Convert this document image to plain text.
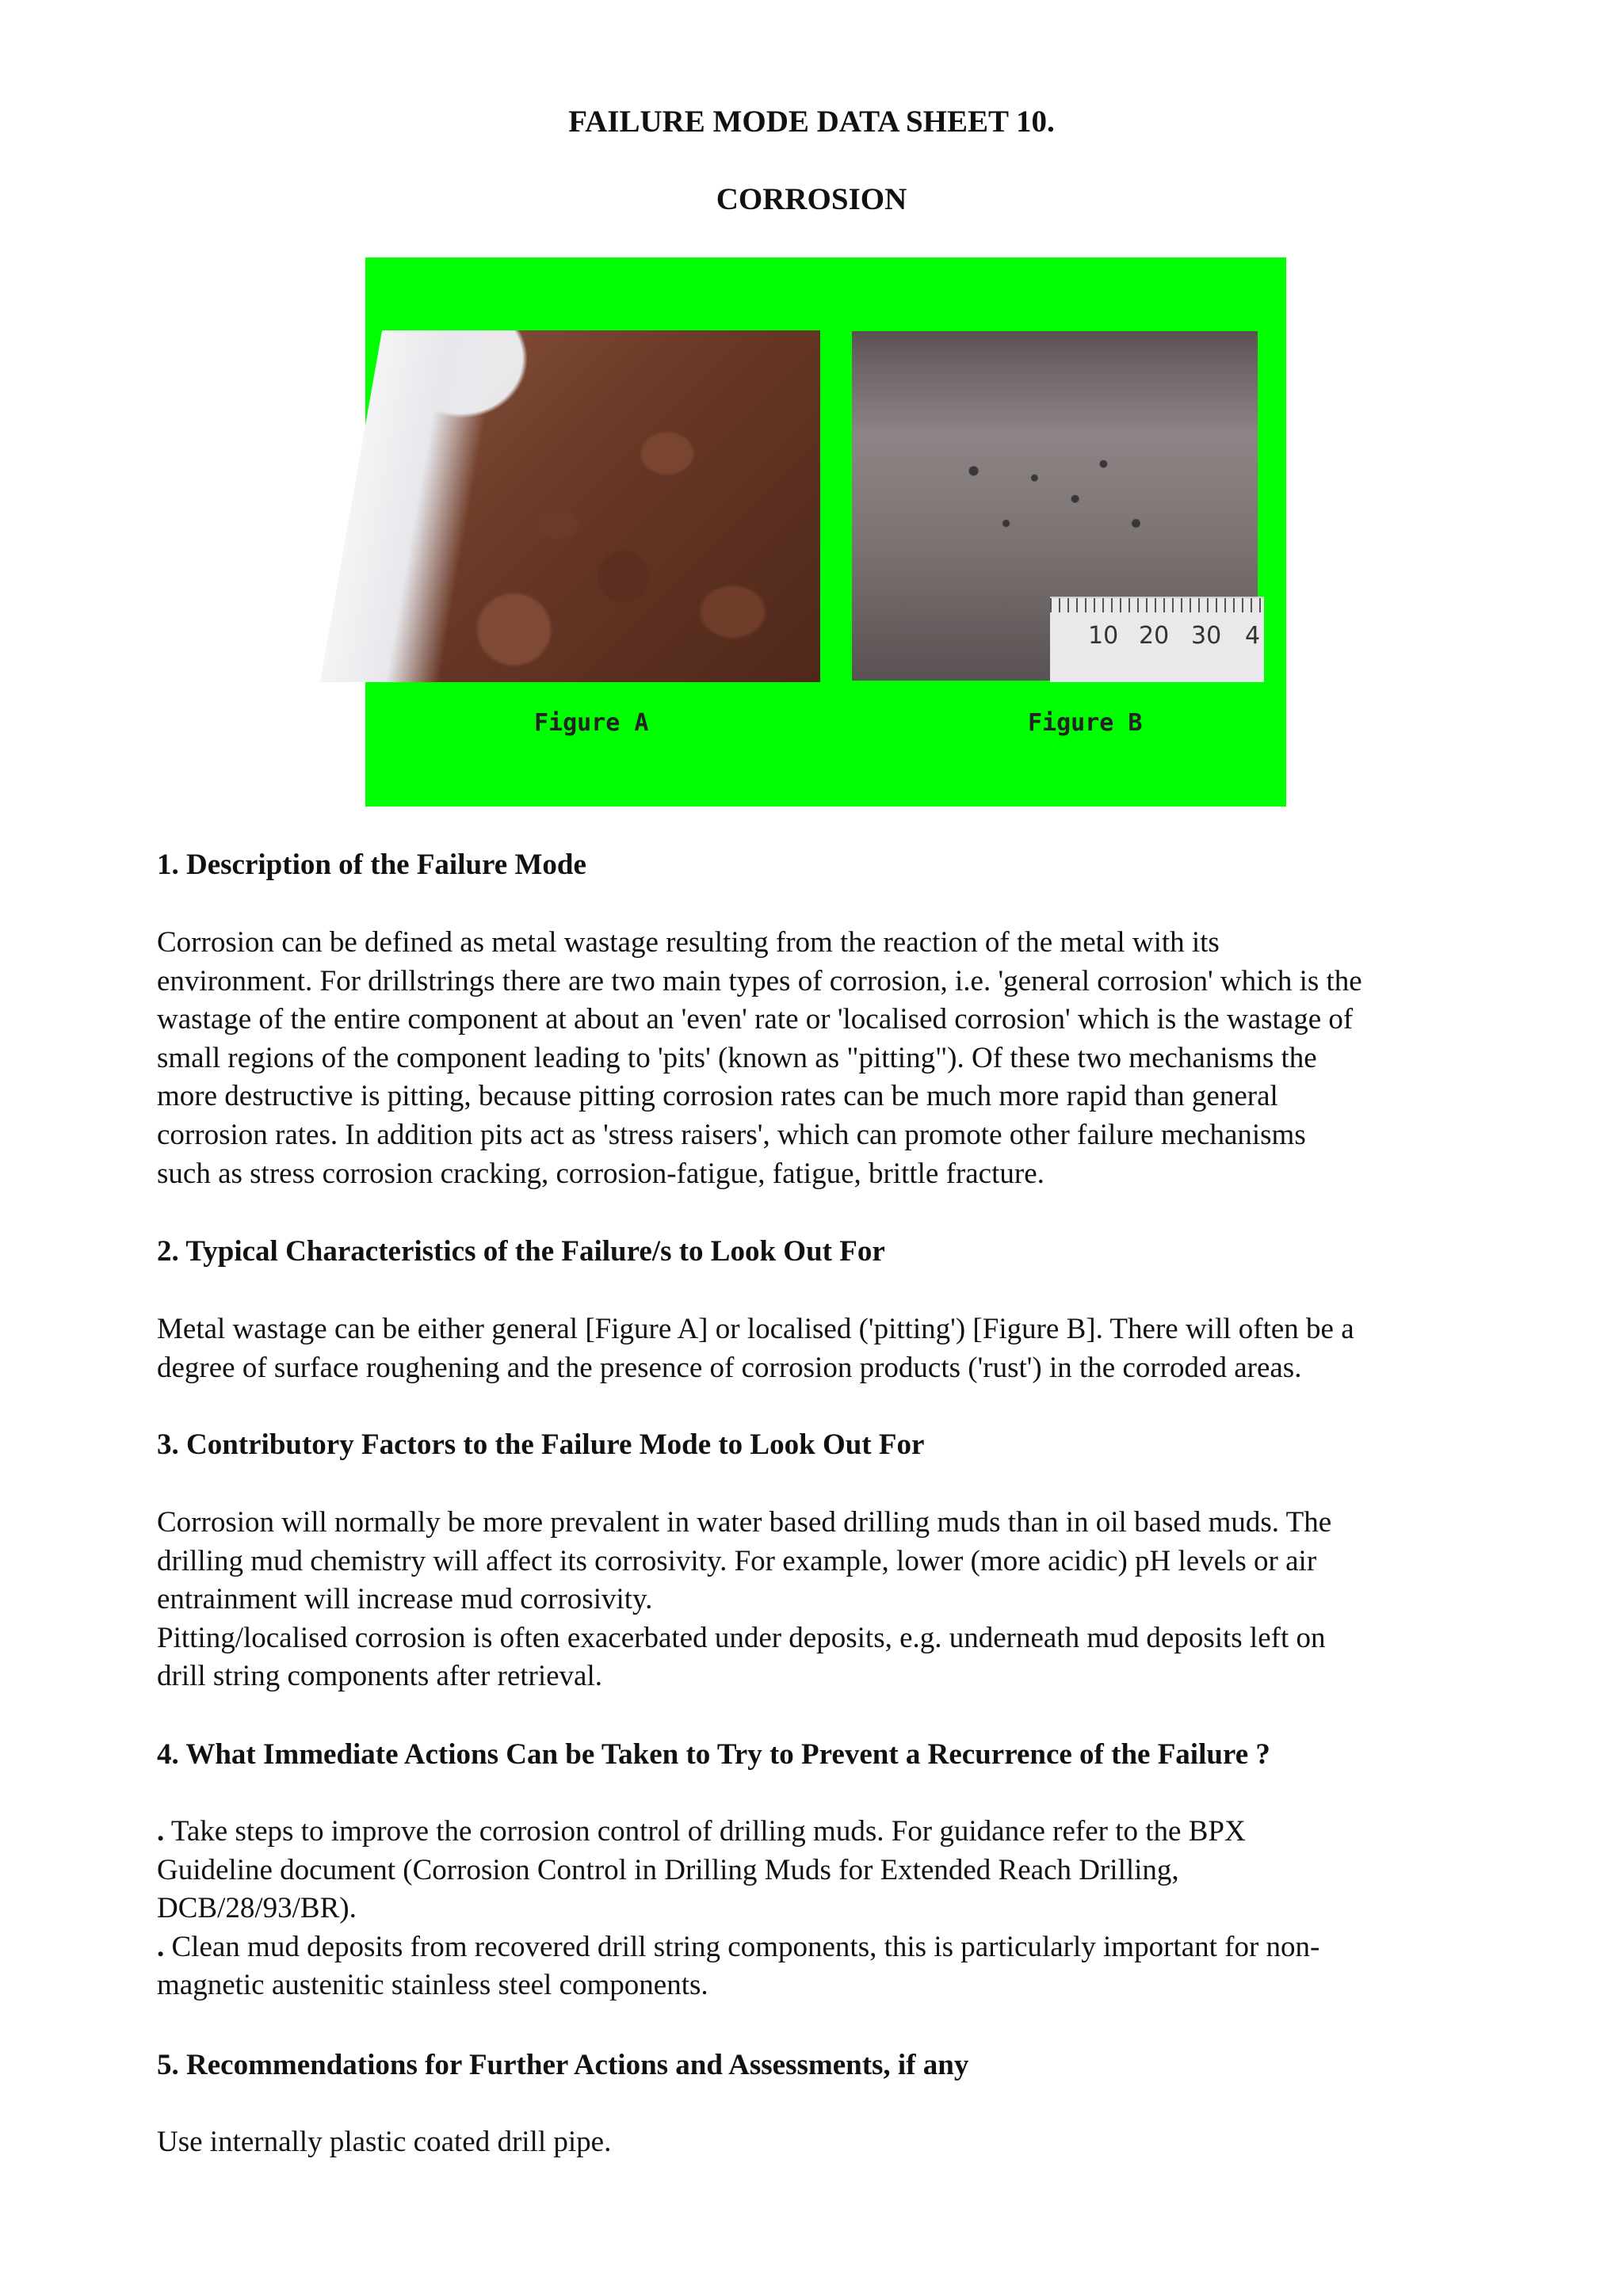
FAILURE MODE DATA SHEET 10.
CORROSION
10 20 30 4
Figure A	Figure B
1. Description of the Failure Mode
Corrosion can be defined as metal wastage resulting from the reaction of the metal with its
environment. For drillstrings there are two main types of corrosion, i.e. 'general corrosion' which is the
wastage of the entire component at about an 'even' rate or 'localised corrosion' which is the wastage of
small regions of the component leading to 'pits' (known as "pitting"). Of these two mechanisms the
more destructive is pitting, because pitting corrosion rates can be much more rapid than general
corrosion rates. In addition pits act as 'stress raisers', which can promote other failure mechanisms
such as stress corrosion cracking, corrosion-fatigue, fatigue, brittle fracture.
2. Typical Characteristics of the Failure/s to Look Out For
Metal wastage can be either general [Figure A] or localised ('pitting') [Figure B]. There will often be a
degree of surface roughening and the presence of corrosion products ('rust') in the corroded areas.
3. Contributory Factors to the Failure Mode to Look Out For
Corrosion will normally be more prevalent in water based drilling muds than in oil based muds. The
drilling mud chemistry will affect its corrosivity. For example, lower (more acidic) pH levels or air
entrainment will increase mud corrosivity.
Pitting/localised corrosion is often exacerbated under deposits, e.g. underneath mud deposits left on
drill string components after retrieval.
4. What Immediate Actions Can be Taken to Try to Prevent a Recurrence of the Failure ?
. Take steps to improve the corrosion control of drilling muds. For guidance refer to the BPX
Guideline document (Corrosion Control in Drilling Muds for Extended Reach Drilling,
DCB/28/93/BR).
. Clean mud deposits from recovered drill string components, this is particularly important for non-
magnetic austenitic stainless steel components.
5. Recommendations for Further Actions and Assessments, if any
Use internally plastic coated drill pipe.
